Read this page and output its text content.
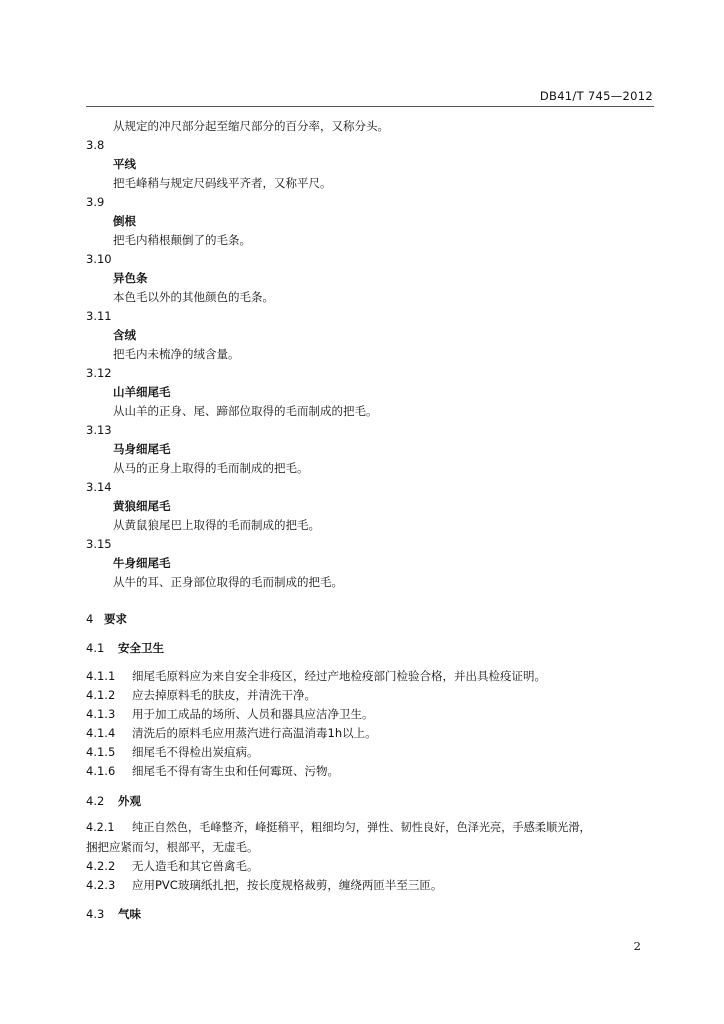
DB41/T 745—2012
从规定的冲尺部分起至缩尺部分的百分率，又称分头。
3.8
平线
把毛峰稍与规定尺码线平齐者，又称平尺。
3.9
倒根
把毛内稍根颠倒了的毛条。
3.10
异色条
本色毛以外的其他颜色的毛条。
3.11
含绒
把毛内未梳净的绒含量。
3.12
山羊细尾毛
从山羊的正身、尾、蹄部位取得的毛而制成的把毛。
3.13
马身细尾毛
从马的正身上取得的毛而制成的把毛。
3.14
黄狼细尾毛
从黄鼠狼尾巴上取得的毛而制成的把毛。
3.15
牛身细尾毛
从牛的耳、正身部位取得的毛而制成的把毛。
4 要求
4.1 安全卫生
4.1.1 细尾毛原料应为来自安全非疫区，经过产地检疫部门检验合格，并出具检疫证明。
4.1.2 应去掉原料毛的肤皮，并清洗干净。
4.1.3 用于加工成品的场所、人员和器具应洁净卫生。
4.1.4 清洗后的原料毛应用蒸汽进行高温消毒1h以上。
4.1.5 细尾毛不得检出炭疽病。
4.1.6 细尾毛不得有寄生虫和任何霉斑、污物。
4.2 外观
4.2.1 纯正自然色，毛峰整齐，峰挺稍平，粗细均匀，弹性、韧性良好，色泽光亮，手感柔顺光滑，
捆把应紧而匀，根部平，无虚毛。
4.2.2 无人造毛和其它兽禽毛。
4.2.3 应用PVC玻璃纸扎把，按长度规格裁剪，缠绕两匝半至三匝。
4.3 气味
2
